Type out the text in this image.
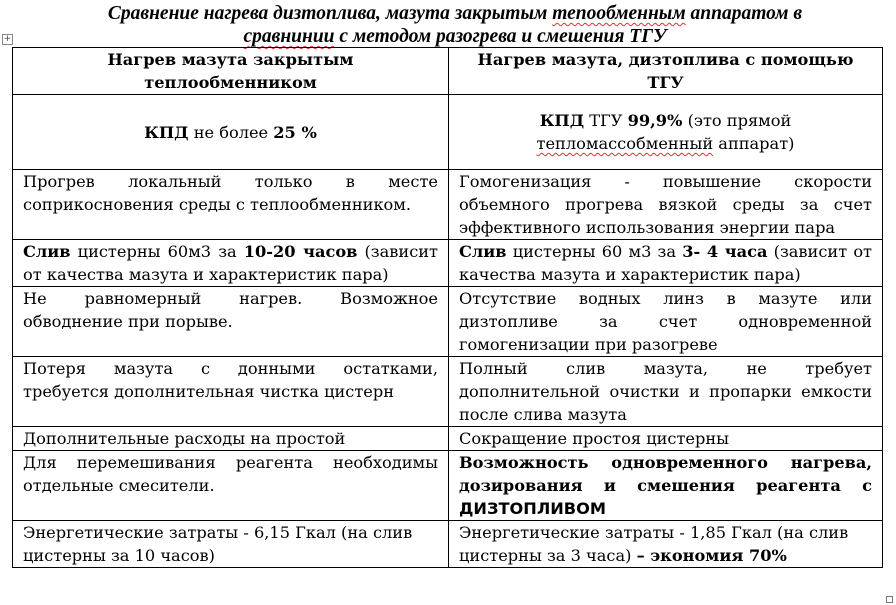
Сравнение нагрева дизтоплива, мазута закрытым тепообменным аппаратом в
сравнинии с методом разогрева и смешения ТГУ
+
Нагрев мазута закрытым теплообменником	Нагрев мазута, дизтоплива с помощью ТГУ
КПД не более 25 %	КПД ТГУ 99,9% (это прямой
тепломассобменный аппарат)
Прогрев локальный только в месте соприкосновения среды с теплообменником.	Гомогенизация - повышение скорости объемного прогрева вязкой среды за счет эффективного использования энергии пара
Слив цистерны 60м3 за 10-20 часов (зависит от качества мазута и характеристик пара)	Слив цистерны 60 м3 за 3- 4 часа (зависит от качества мазута и характеристик пара)
Не равномерный нагрев. Возможное обводнение при порыве.	Отсутствие водных линз в мазуте или дизтопливе за счет одновременной гомогенизации при разогреве
Потеря мазута с донными остатками, требуется дополнительная чистка цистерн	Полный слив мазута, не требует дополнительной очистки и пропарки емкости после слива мазута
Дополнительные расходы на простой	Сокращение простоя цистерны
Для перемешивания реагента необходимы отдельные смесители.	Возможность одновременного нагрева, дозирования и смешения реагента с ДИЗТОПЛИВОМ
Энергетические затраты - 6,15 Гкал (на слив цистерны за 10 часов)	Энергетические затраты - 1,85 Гкал (на слив цистерны за 3 часа) – экономия 70%
